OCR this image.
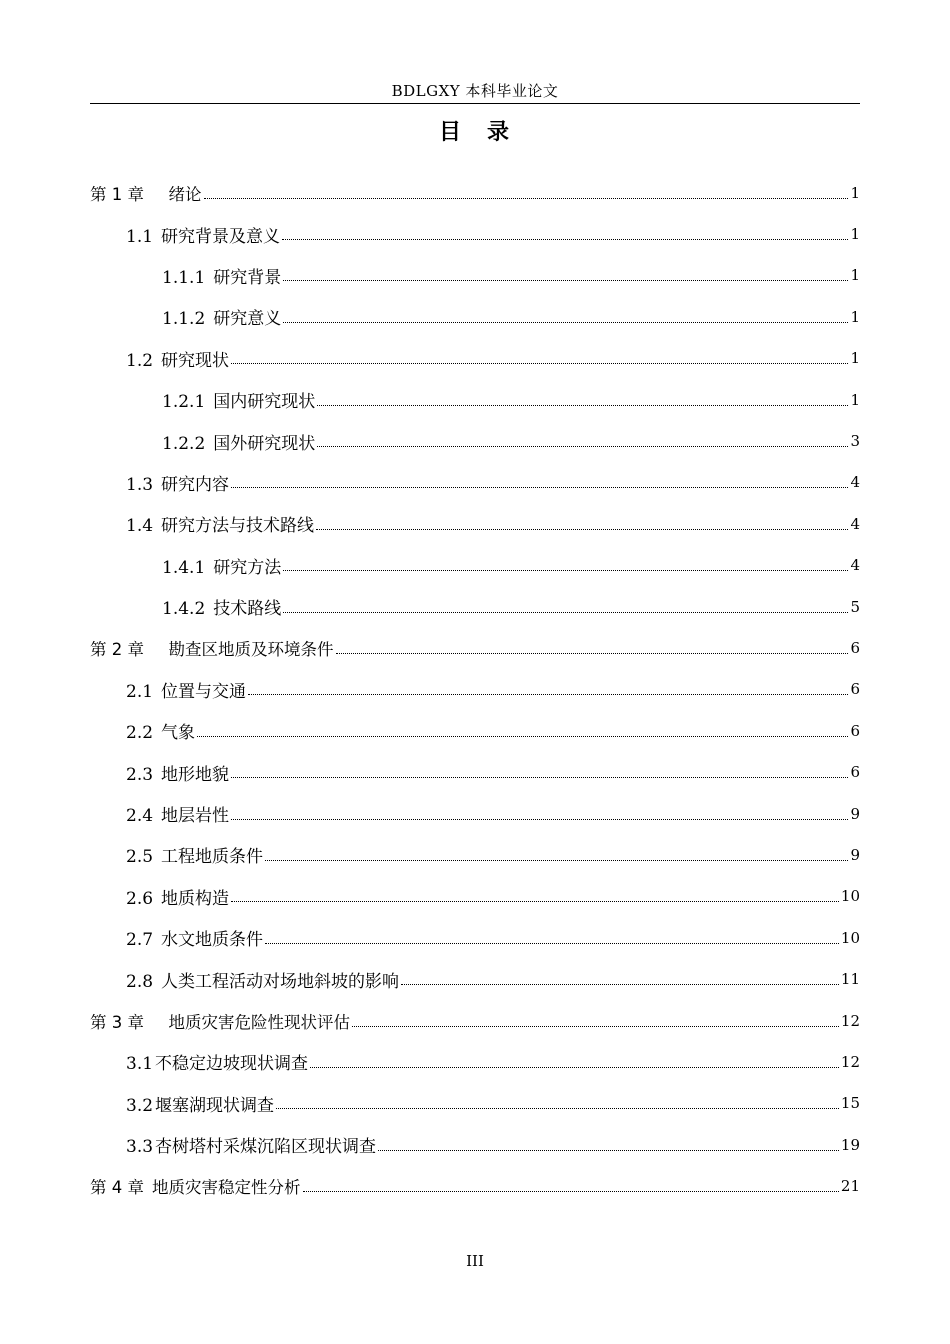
BDLGXY 本科毕业论文
目　录
第 1 章　绪论	1
1.1 研究背景及意义	1
1.1.1 研究背景	1
1.1.2 研究意义	1
1.2 研究现状	1
1.2.1 国内研究现状	1
1.2.2 国外研究现状	3
1.3 研究内容	4
1.4 研究方法与技术路线	4
1.4.1 研究方法	4
1.4.2 技术路线	5
第 2 章　勘查区地质及环境条件	6
2.1 位置与交通	6
2.2 气象	6
2.3 地形地貌	6
2.4 地层岩性	9
2.5 工程地质条件	9
2.6 地质构造	10
2.7 水文地质条件	10
2.8 人类工程活动对场地斜坡的影响	11
第 3 章　地质灾害危险性现状评估	12
3.1 不稳定边坡现状调查	12
3.2 堰塞湖现状调查	15
3.3 杏树塔村采煤沉陷区现状调查	19
第 4 章 地质灾害稳定性分析	21
III
